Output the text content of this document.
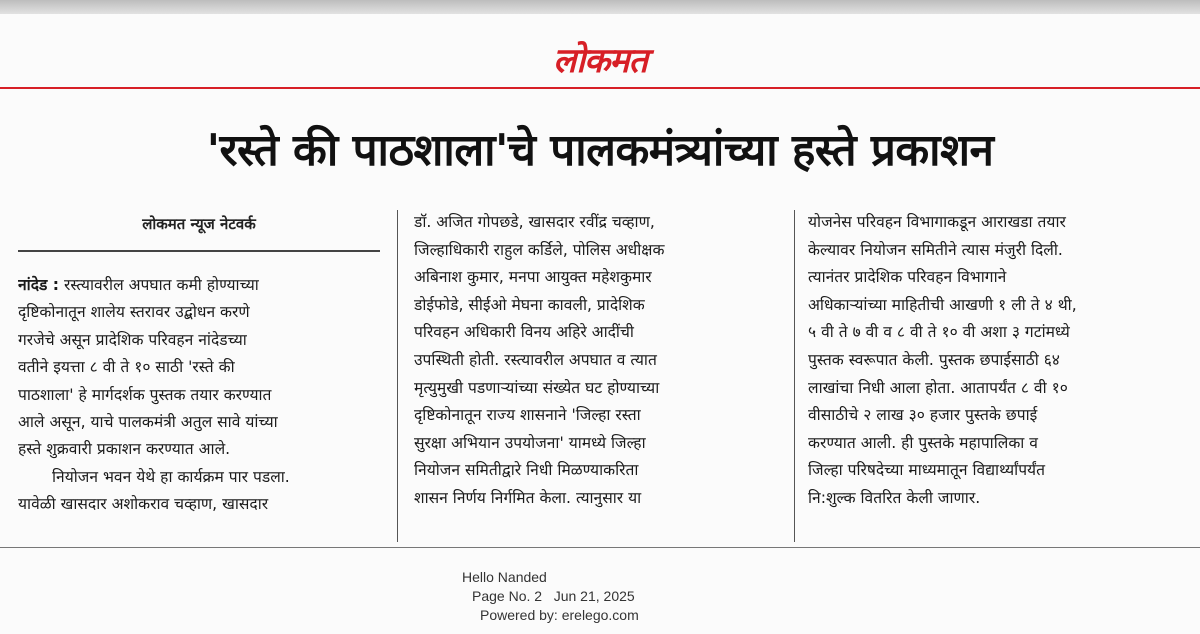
लोकमत
'रस्ते की पाठशाला'चे पालकमंत्र्यांच्या हस्ते प्रकाशन
लोकमत न्यूज नेटवर्क
नांदेड : रस्त्यावरील अपघात कमी होण्याच्या
दृष्टिकोनातून शालेय स्तरावर उद्बोधन करणे
गरजेचे असून प्रादेशिक परिवहन नांदेडच्या
वतीने इयत्ता ८ वी ते १० साठी 'रस्ते की
पाठशाला' हे मार्गदर्शक पुस्तक तयार करण्यात
आले असून, याचे पालकमंत्री अतुल सावे यांच्या
हस्ते शुक्रवारी प्रकाशन करण्यात आले.
नियोजन भवन येथे हा कार्यक्रम पार पडला.
यावेळी खासदार अशोकराव चव्हाण, खासदार
डॉ. अजित गोपछडे, खासदार रवींद्र चव्हाण,
जिल्हाधिकारी राहुल कर्डिले, पोलिस अधीक्षक
अबिनाश कुमार, मनपा आयुक्त महेशकुमार
डोईफोडे, सीईओ मेघना कावली, प्रादेशिक
परिवहन अधिकारी विनय अहिरे आदींची
उपस्थिती होती. रस्त्यावरील अपघात व त्यात
मृत्युमुखी पडणाऱ्यांच्या संख्येत घट होण्याच्या
दृष्टिकोनातून राज्य शासनाने 'जिल्हा रस्ता
सुरक्षा अभियान उपयोजना' यामध्ये जिल्हा
नियोजन समितीद्वारे निधी मिळण्याकरिता
शासन निर्णय निर्गमित केला. त्यानुसार या
योजनेस परिवहन विभागाकडून आराखडा तयार
केल्यावर नियोजन समितीने त्यास मंजुरी दिली.
त्यानंतर प्रादेशिक परिवहन विभागाने
अधिकाऱ्यांच्या माहितीची आखणी १ ली ते ४ थी,
५ वी ते ७ वी व ८ वी ते १० वी अशा ३ गटांमध्ये
पुस्तक स्वरूपात केली. पुस्तक छपाईसाठी ६४
लाखांचा निधी आला होता. आतापर्यंत ८ वी १०
वीसाठीचे २ लाख ३० हजार पुस्तके छपाई
करण्यात आली. ही पुस्तके महापालिका व
जिल्हा परिषदेच्या माध्यमातून विद्यार्थ्यांपर्यंत
नि:शुल्क वितरित केली जाणार.
Hello Nanded
Page No. 2   Jun 21, 2025
Powered by: erelego.com
